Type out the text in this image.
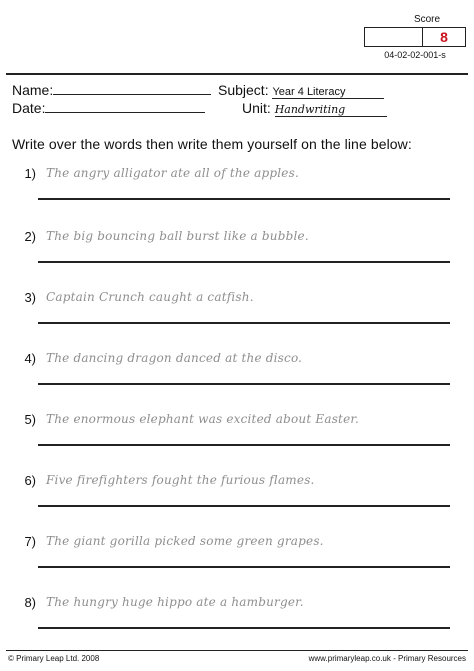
Score
8
04-02-02-001-s
Name:
Date:
Subject: Year 4 Literacy
Unit: Handwriting
Write over the words then write them yourself on the line below:
1) The angry alligator ate all of the apples.
2) The big bouncing ball burst like a bubble.
3) Captain Crunch caught a catfish.
4) The dancing dragon danced at the disco.
5) The enormous elephant was excited about Easter.
6) Five firefighters fought the furious flames.
7) The giant gorilla picked some green grapes.
8) The hungry huge hippo ate a hamburger.
© Primary Leap Ltd. 2008	www.primaryleap.co.uk - Primary Resources
